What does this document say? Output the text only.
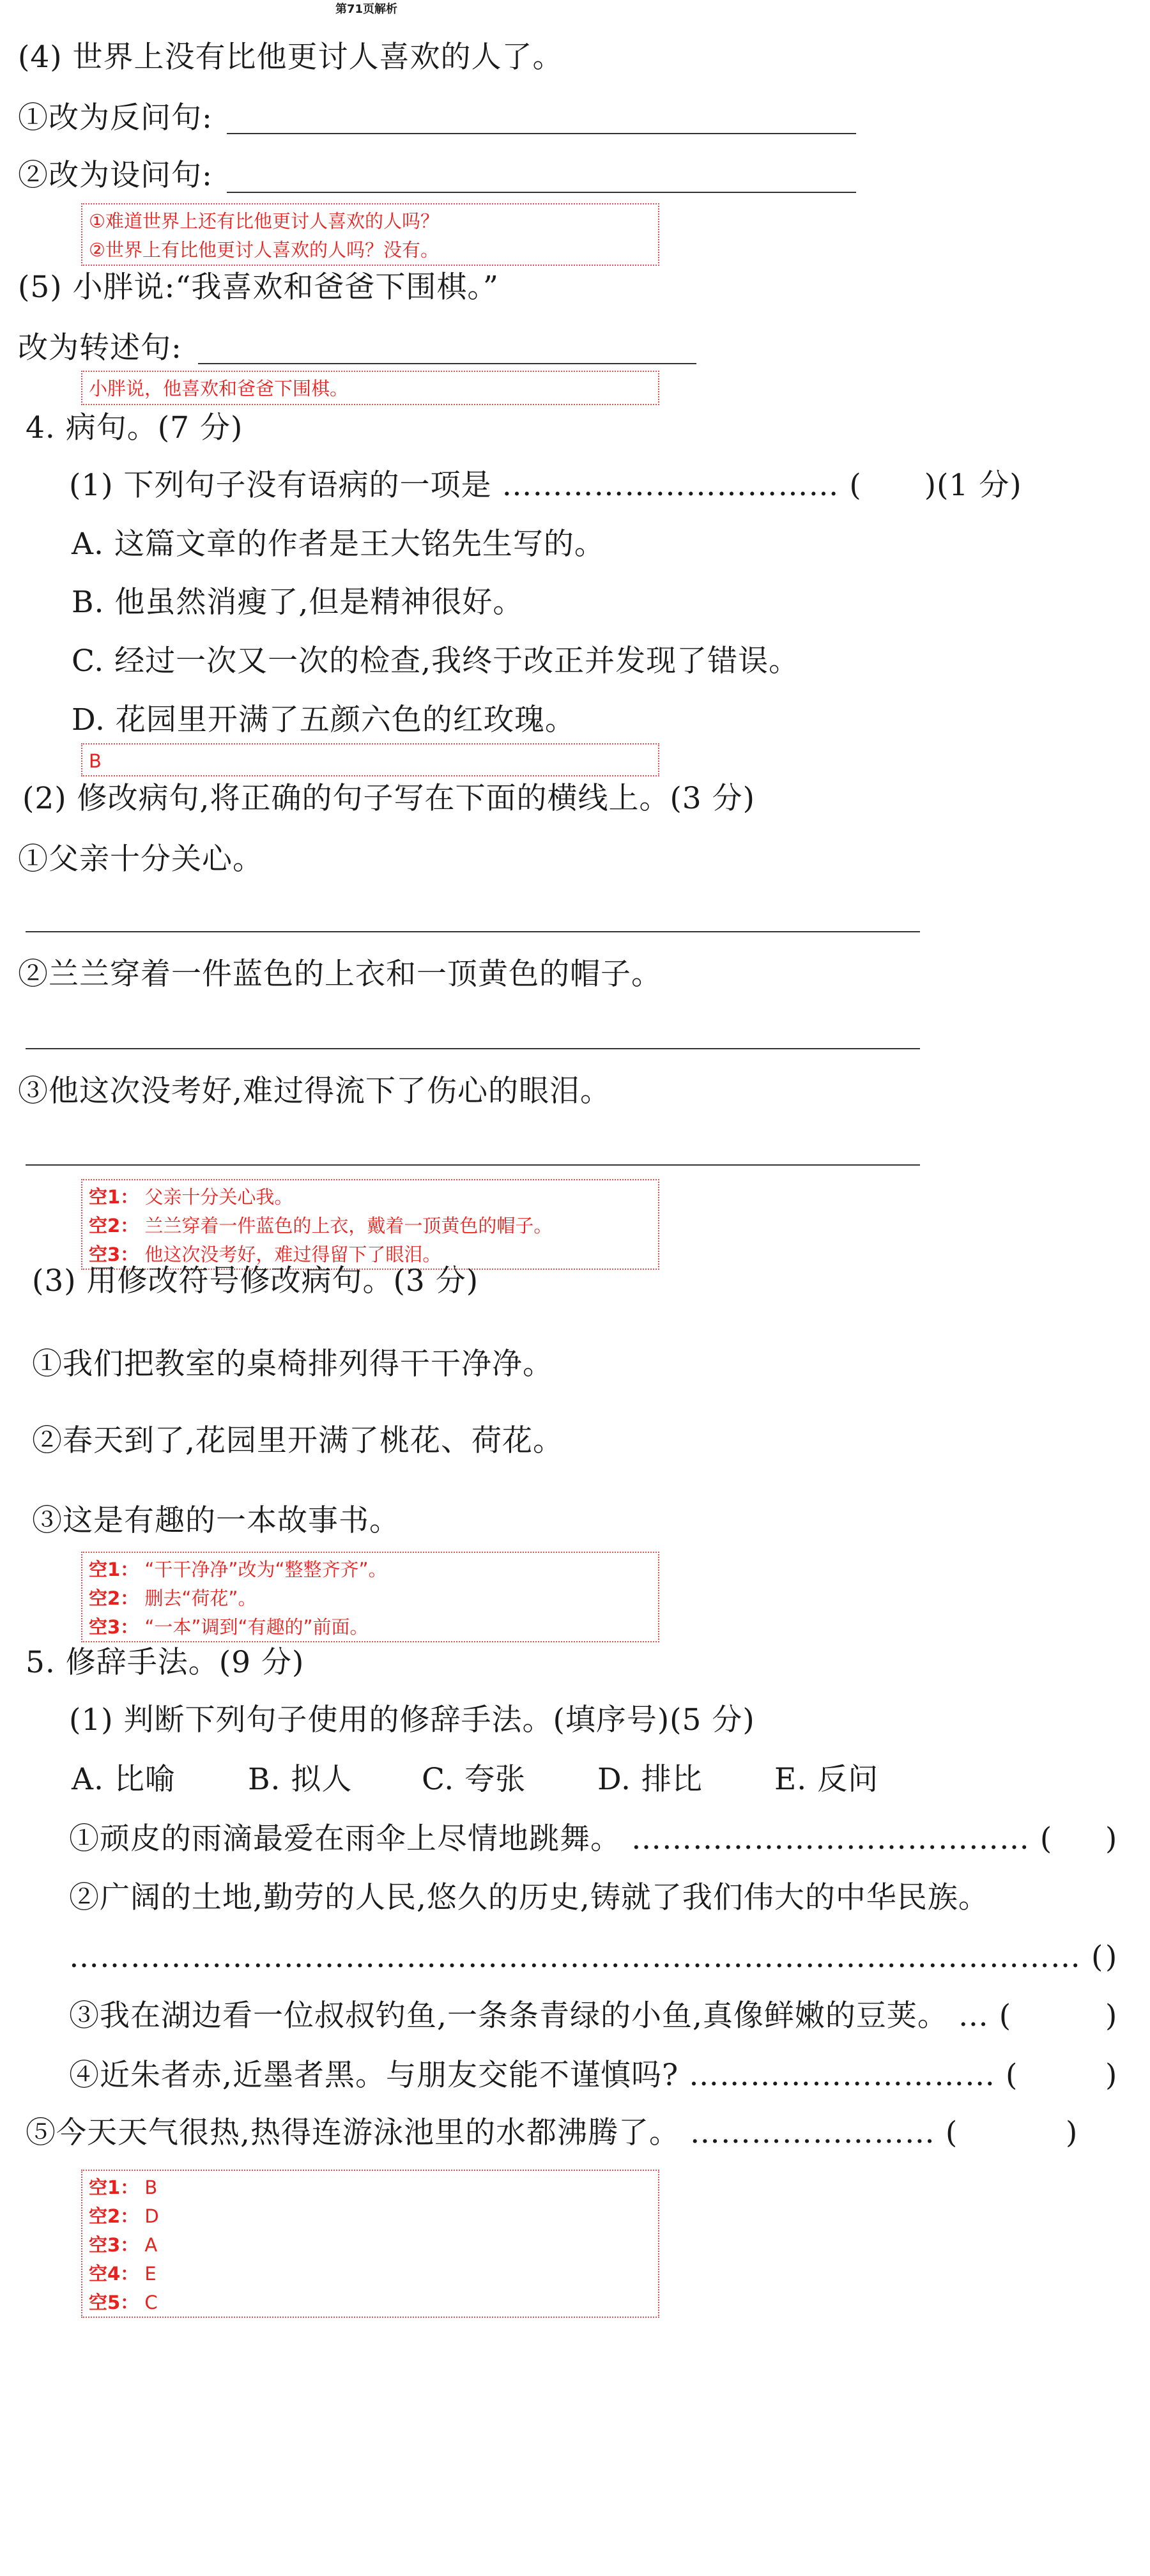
第71页解析
(4) 世界上没有比他更讨人喜欢的人了。
①改为反问句:
②改为设问句:
①难道世界上还有比他更讨人喜欢的人吗？
②世界上有比他更讨人喜欢的人吗？没有。
(5) 小胖说:“我喜欢和爸爸下围棋。”
改为转述句:
小胖说，他喜欢和爸爸下围棋。
4. 病句。(7 分)
(1) 下列句子没有语病的一项是 …………………………… ( )(1 分)
A. 这篇文章的作者是王大铭先生写的。
B. 他虽然消瘦了,但是精神很好。
C. 经过一次又一次的检查,我终于改正并发现了错误。
D. 花园里开满了五颜六色的红玫瑰。
B
(2) 修改病句,将正确的句子写在下面的横线上。(3 分)
①父亲十分关心。
②兰兰穿着一件蓝色的上衣和一顶黄色的帽子。
③他这次没考好,难过得流下了伤心的眼泪。
空1： 父亲十分关心我。
空2： 兰兰穿着一件蓝色的上衣，戴着一顶黄色的帽子。
空3： 他这次没考好，难过得留下了眼泪。
(3) 用修改符号修改病句。(3 分)
①我们把教室的桌椅排列得干干净净。
②春天到了,花园里开满了桃花、荷花。
③这是有趣的一本故事书。
空1： “干干净净”改为“整整齐齐”。
空2： 删去“荷花”。
空3： “一本”调到“有趣的”前面。
5. 修辞手法。(9 分)
(1) 判断下列句子使用的修辞手法。(填序号)(5 分)
A. 比喻 B. 拟人 C. 夸张 D. 排比 E. 反问
①顽皮的雨滴最爱在雨伞上尽情地跳舞。 ………………………………… ( )
②广阔的土地,勤劳的人民,悠久的历史,铸就了我们伟大的中华民族。
……………………………………………………………………………………… ( )
③我在湖边看一位叔叔钓鱼,一条条青绿的小鱼,真像鲜嫩的豆荚。 … (	)
④近朱者赤,近墨者黑。与朋友交能不谨慎吗? ………………………… (	)
⑤今天天气很热,热得连游泳池里的水都沸腾了。 …………………… (	)
空1： B
空2： D
空3： A
空4： E
空5： C
